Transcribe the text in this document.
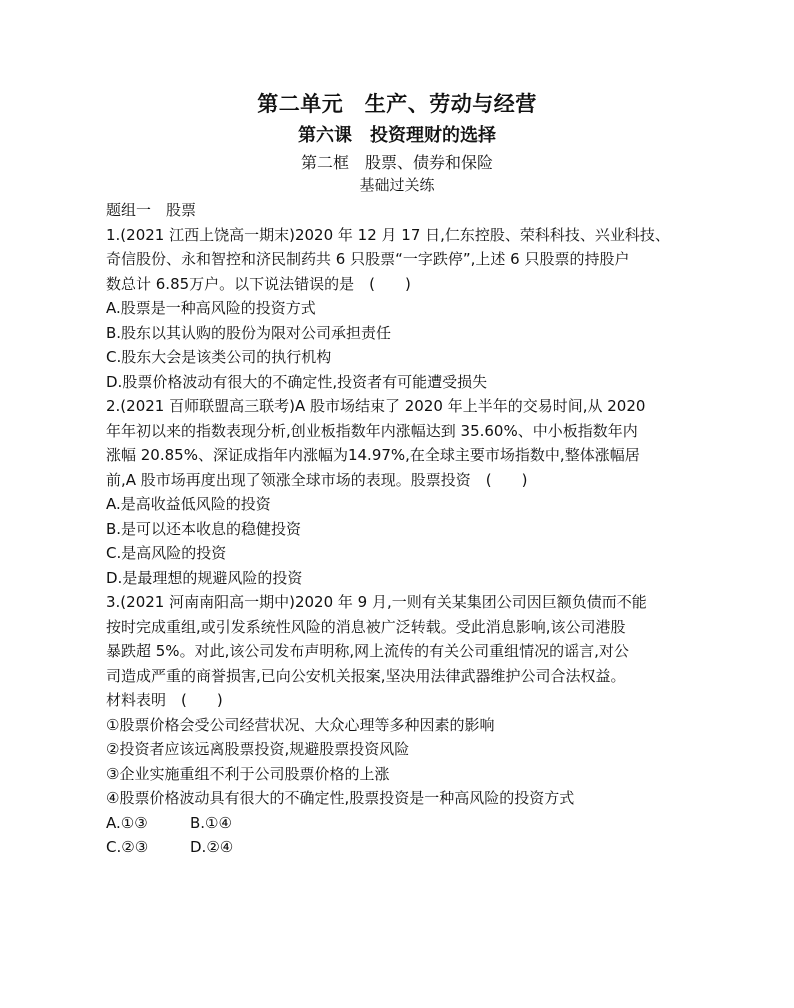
第二单元　生产、劳动与经营
第六课　投资理财的选择
第二框　股票、债券和保险
基础过关练
题组一　股票
1.(2021 江西上饶高一期末)2020 年 12 月 17 日,仁东控股、荣科科技、兴业科技、
奇信股份、永和智控和济民制药共 6 只股票“一字跌停”,上述 6 只股票的持股户
数总计 6.85万户。以下说法错误的是　(　　)
A.股票是一种高风险的投资方式
B.股东以其认购的股份为限对公司承担责任
C.股东大会是该类公司的执行机构
D.股票价格波动有很大的不确定性,投资者有可能遭受损失
2.(2021 百师联盟高三联考)A 股市场结束了 2020 年上半年的交易时间,从 2020
年年初以来的指数表现分析,创业板指数年内涨幅达到 35.60%、中小板指数年内
涨幅 20.85%、深证成指年内涨幅为14.97%,在全球主要市场指数中,整体涨幅居
前,A 股市场再度出现了领涨全球市场的表现。股票投资　(　　)
A.是高收益低风险的投资
B.是可以还本收息的稳健投资
C.是高风险的投资
D.是最理想的规避风险的投资
3.(2021 河南南阳高一期中)2020 年 9 月,一则有关某集团公司因巨额负债而不能
按时完成重组,或引发系统性风险的消息被广泛转载。受此消息影响,该公司港股
暴跌超 5%。对此,该公司发布声明称,网上流传的有关公司重组情况的谣言,对公
司造成严重的商誉损害,已向公安机关报案,坚决用法律武器维护公司合法权益。
材料表明　(　　)
①股票价格会受公司经营状况、大众心理等多种因素的影响
②投资者应该远离股票投资,规避股票投资风险
③企业实施重组不利于公司股票价格的上涨
④股票价格波动具有很大的不确定性,股票投资是一种高风险的投资方式
A.①③	B.①④
C.②③	D.②④
